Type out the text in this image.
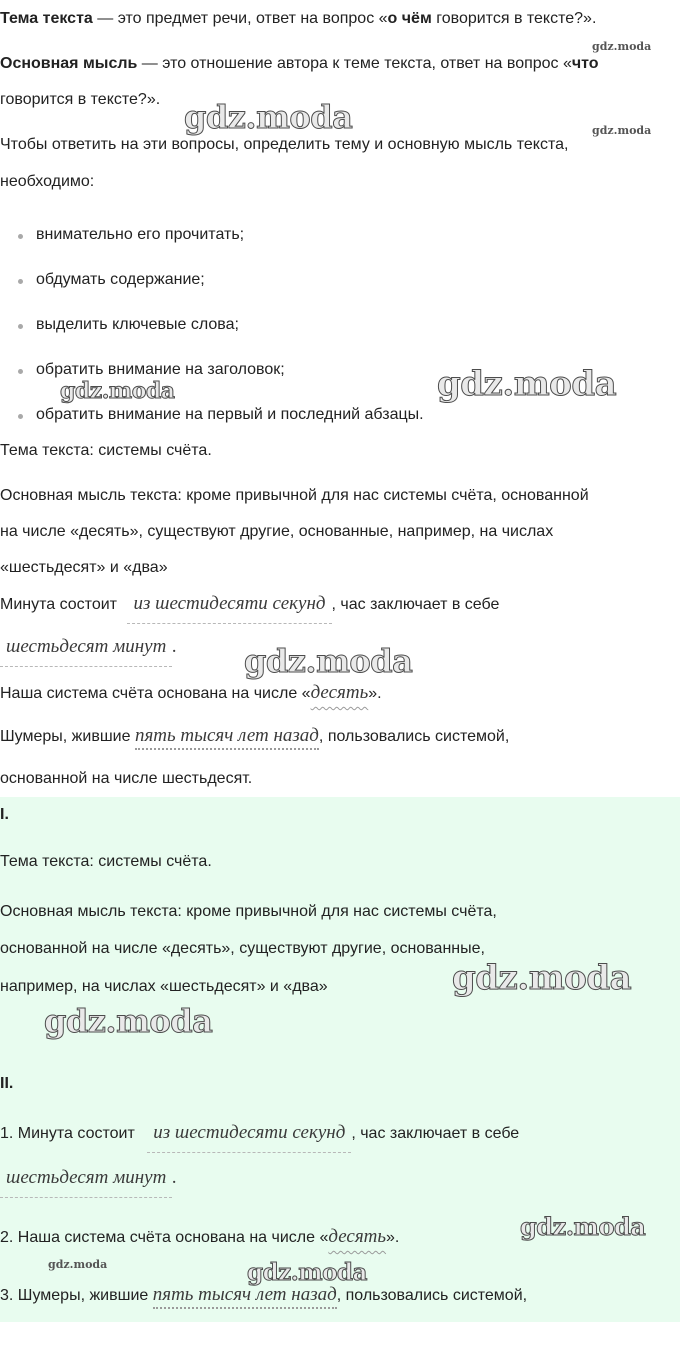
Тема текста — это предмет речи, ответ на вопрос «о чём говорится в тексте?».
Основная мысль — это отношение автора к теме текста, ответ на вопрос «что
говорится в тексте?».
Чтобы ответить на эти вопросы, определить тему и основную мысль текста,
необходимо:
внимательно его прочитать;
обдумать содержание;
выделить ключевые слова;
обратить внимание на заголовок;
обратить внимание на первый и последний абзацы.
Тема текста: системы счёта.
Основная мысль текста: кроме привычной для нас системы счёта, основанной
на числе «десять», существуют другие, основанные, например, на числах
«шестьдесят» и «два»
Минута состоит из шестидесяти секунд , час заключает в себе
шестьдесят минут .
Наша система счёта основана на числе «десять».
Шумеры, жившие пять тысяч лет назад, пользовались системой,
основанной на числе шестьдесят.
I.
Тема текста: системы счёта.
Основная мысль текста: кроме привычной для нас системы счёта,
основанной на числе «десять», существуют другие, основанные,
например, на числах «шестьдесят» и «два»
II.
1. Минута состоит из шестидесяти секунд , час заключает в себе
шестьдесят минут .
2. Наша система счёта основана на числе «десять».
3. Шумеры, жившие пять тысяч лет назад, пользовались системой,
gdz.moda
gdz.moda	gdz.moda
gdz.moda	gdz.moda
gdz.moda
gdz.moda
gdz.moda
gdz.moda
gdz.moda	gdz.moda
